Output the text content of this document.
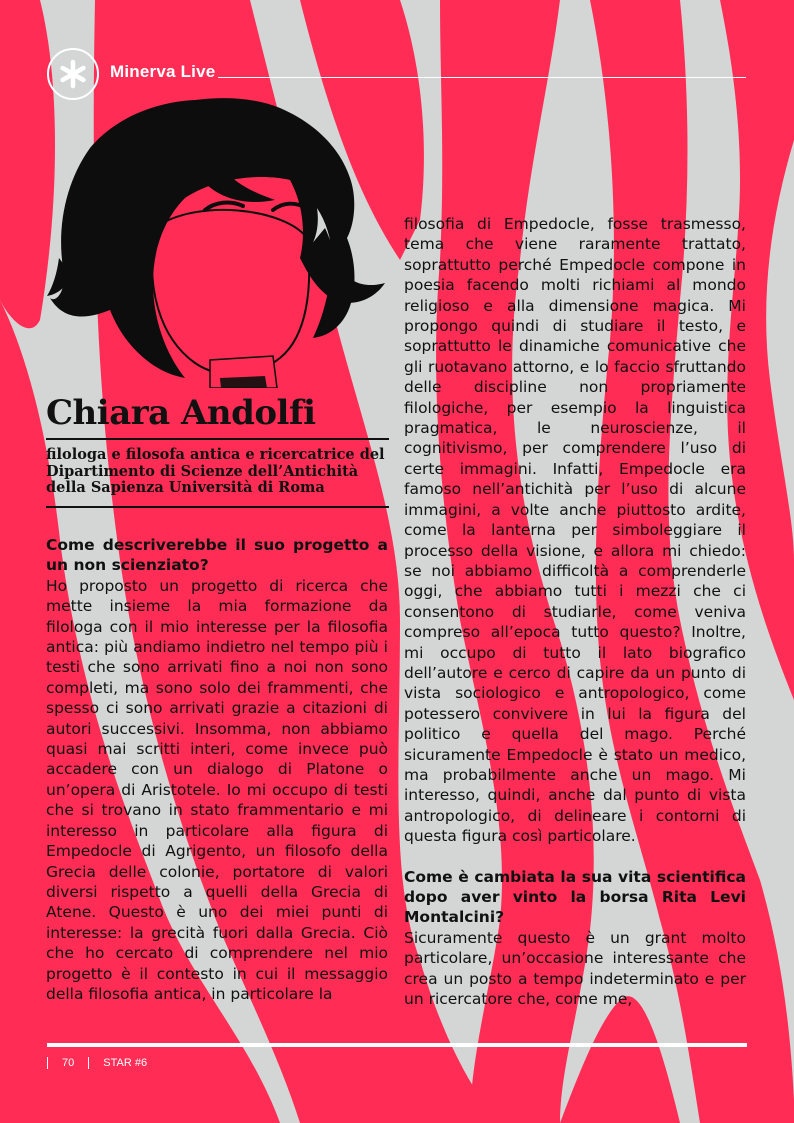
Minerva Live
Chiara Andolfi
filologa e filosofa antica e ricercatrice del Dipartimento di Scienze dell’Antichità della Sapienza Università di Roma

Come descriverebbe il suo progetto a un non scienziato?

Ho proposto un progetto di ricerca che mette insieme la mia formazione da filologa con il mio interesse per la filosofia antica: più andiamo indietro nel tempo più i testi che sono arrivati fino a noi non sono completi, ma sono solo dei frammenti, che spesso ci sono arrivati grazie a citazioni di autori successivi. Insomma, non abbiamo quasi mai scritti interi, come invece può accadere con un dialogo di Platone o un’opera di Aristotele. Io mi occupo di testi che si trovano in stato frammentario e mi interesso in particolare alla figura di Empedocle di Agrigento, un filosofo della Grecia delle colonie, portatore di valori diversi rispetto a quelli della Grecia di Atene. Questo è uno dei miei punti di interesse: la grecità fuori dalla Grecia. Ciò che ho cercato di comprendere nel mio progetto è il contesto in cui il messaggio della filosofia antica, in particolare la

filosofia di Empedocle, fosse trasmesso, tema che viene raramente trattato, soprattutto perché Empedocle compone in poesia facendo molti richiami al mondo religioso e alla dimensione magica. Mi propongo quindi di studiare il testo, e soprattutto le dinamiche comunicative che gli ruotavano attorno, e lo faccio sfruttando delle discipline non propriamente filologiche, per esempio la linguistica pragmatica, le neuroscienze, il cognitivismo, per comprendere l’uso di certe immagini. Infatti, Empedocle era famoso nell’antichità per l’uso di alcune immagini, a volte anche piuttosto ardite, come la lanterna per simboleggiare il processo della visione, e allora mi chiedo: se noi abbiamo difficoltà a comprenderle oggi, che abbiamo tutti i mezzi che ci consentono di studiarle, come veniva compreso all’epoca tutto questo? Inoltre, mi occupo di tutto il lato biografico dell’autore e cerco di capire da un punto di vista sociologico e antropologico, come potessero convivere in lui la figura del politico e quella del mago. Perché sicuramente Empedocle è stato un medico, ma probabilmente anche un mago. Mi interesso, quindi, anche dal punto di vista antropologico, di delineare i contorni di questa figura così particolare.

Come è cambiata la sua vita scientifica dopo aver vinto la borsa Rita Levi Montalcini?

Sicuramente questo è un grant molto particolare, un’occasione interessante che crea un posto a tempo indeterminato e per un ricercatore che, come me,

70	STAR #6
